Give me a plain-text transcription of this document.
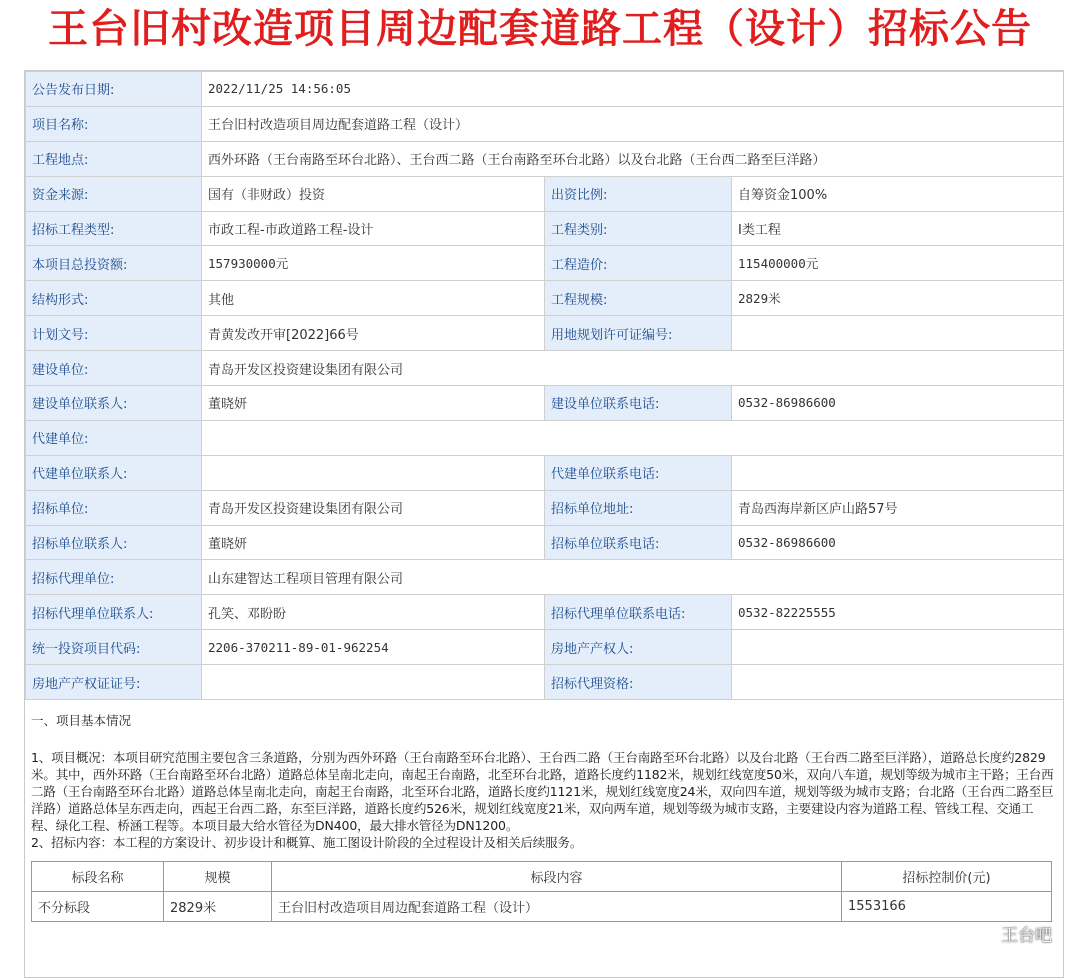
王台旧村改造项目周边配套道路工程（设计）招标公告
公告发布日期:	2022/11/25 14:56:05		
项目名称:	王台旧村改造项目周边配套道路工程（设计）		
工程地点:	西外环路（王台南路至环台北路）、王台西二路（王台南路至环台北路）以及台北路（王台西二路至巨洋路）		
资金来源:	国有（非财政）投资	出资比例:	自筹资金100%
招标工程类型:	市政工程-市政道路工程-设计	工程类别:	Ⅰ类工程
本项目总投资额:	157930000元	工程造价:	115400000元
结构形式:	其他	工程规模:	2829米
计划文号:	青黄发改开审[2022]66号	用地规划许可证编号:	
建设单位:	青岛开发区投资建设集团有限公司		
建设单位联系人:	董晓妍	建设单位联系电话:	0532-86986600
代建单位:			
代建单位联系人:		代建单位联系电话:	
招标单位:	青岛开发区投资建设集团有限公司	招标单位地址:	青岛西海岸新区庐山路57号
招标单位联系人:	董晓妍	招标单位联系电话:	0532-86986600
招标代理单位:	山东建智达工程项目管理有限公司		
招标代理单位联系人:	孔笑、邓盼盼	招标代理单位联系电话:	0532-82225555
统一投资项目代码:	2206-370211-89-01-962254	房地产产权人:	
房地产产权证证号:		招标代理资格:	

一、项目基本情况

1、项目概况：本项目研究范围主要包含三条道路，分别为西外环路（王台南路至环台北路）、王台西二路（王台南路至环台北路）以及台北路（王台西二路至巨洋路），道路总长度约2829米。其中，西外环路（王台南路至环台北路）道路总体呈南北走向，南起王台南路，北至环台北路，道路长度约1182米，规划红线宽度50米，双向八车道，规划等级为城市主干路；王台西二路（王台南路至环台北路）道路总体呈南北走向，南起王台南路，北至环台北路，道路长度约1121米，规划红线宽度24米，双向四车道，规划等级为城市支路；台北路（王台西二路至巨洋路）道路总体呈东西走向，西起王台西二路，东至巨洋路，道路长度约526米，规划红线宽度21米，双向两车道，规划等级为城市支路，主要建设内容为道路工程、管线工程、交通工程、绿化工程、桥涵工程等。本项目最大给水管径为DN400，最大排水管径为DN1200。

2、招标内容：本工程的方案设计、初步设计和概算、施工图设计阶段的全过程设计及相关后续服务。

标段名称	规模	标段内容	招标控制价(元)
不分标段	2829米	王台旧村改造项目周边配套道路工程（设计）	1553166
王台吧
